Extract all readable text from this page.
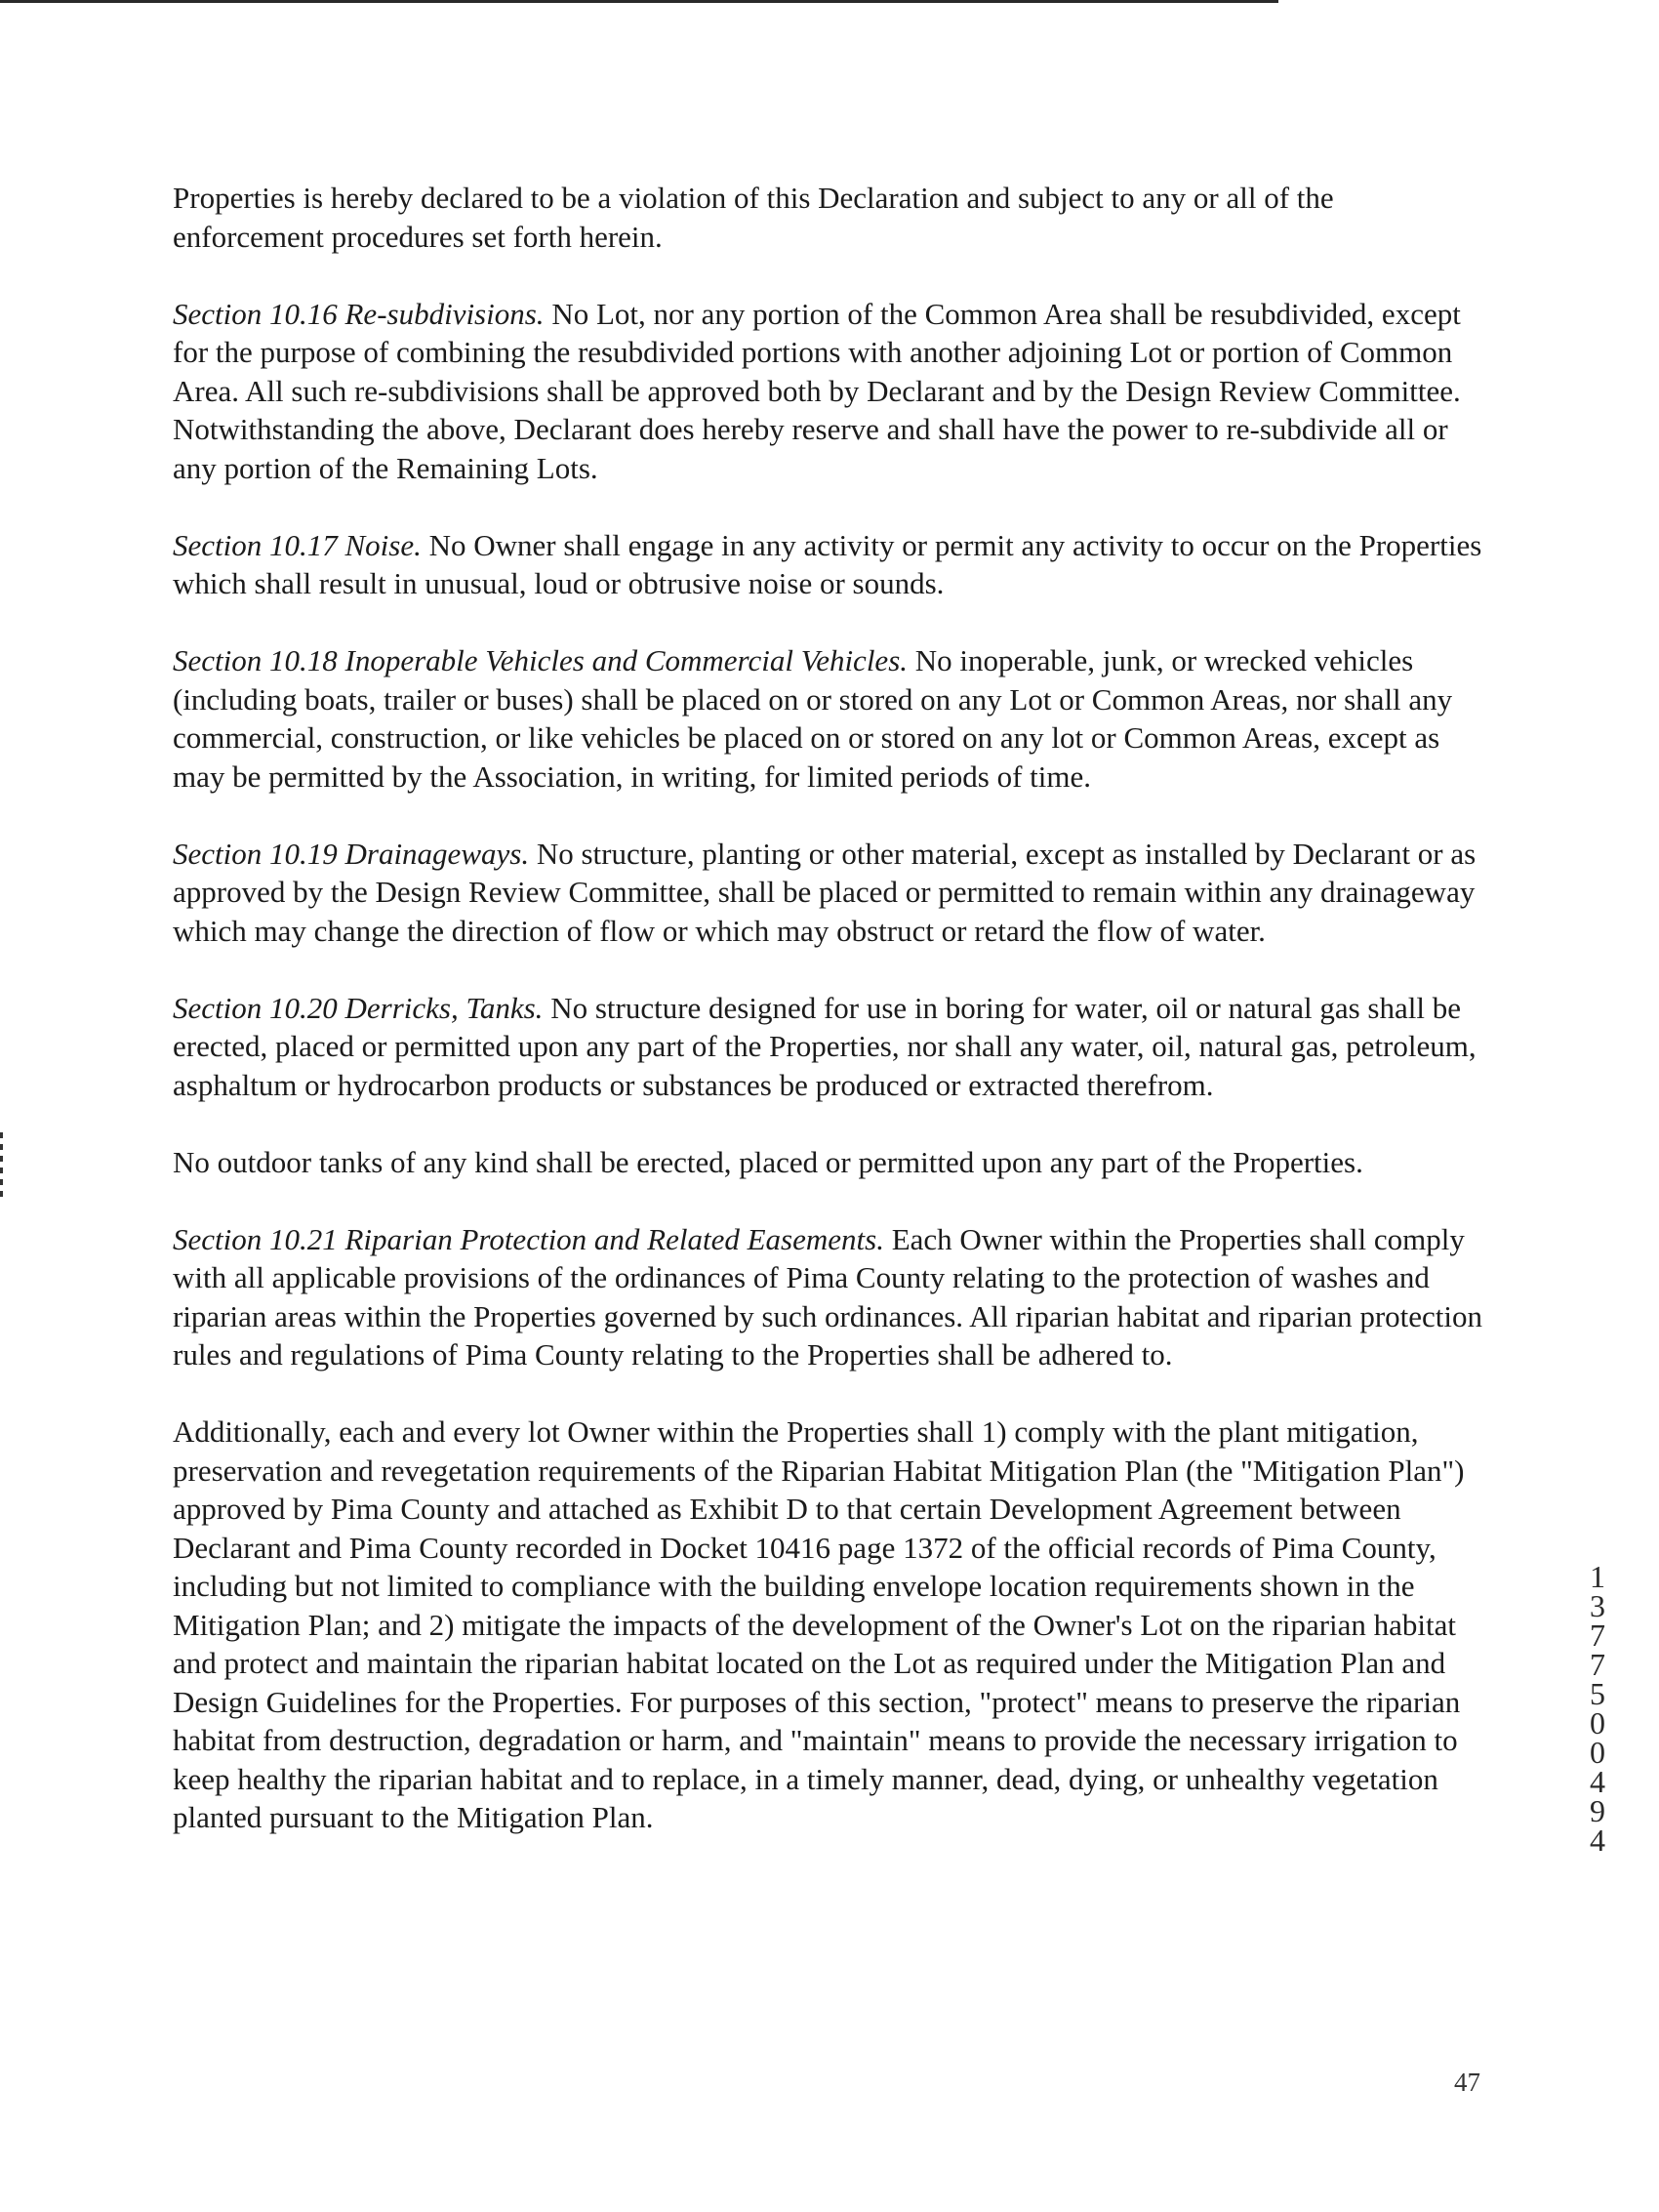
Properties is hereby declared to be a violation of this Declaration and subject to any or all of the enforcement procedures set forth herein.

Section 10.16 Re-subdivisions. No Lot, nor any portion of the Common Area shall be resubdivided, except for the purpose of combining the resubdivided portions with another adjoining Lot or portion of Common Area. All such re-subdivisions shall be approved both by Declarant and by the Design Review Committee. Notwithstanding the above, Declarant does hereby reserve and shall have the power to re-subdivide all or any portion of the Remaining Lots.

Section 10.17 Noise. No Owner shall engage in any activity or permit any activity to occur on the Properties which shall result in unusual, loud or obtrusive noise or sounds.

Section 10.18 Inoperable Vehicles and Commercial Vehicles. No inoperable, junk, or wrecked vehicles (including boats, trailer or buses) shall be placed on or stored on any Lot or Common Areas, nor shall any commercial, construction, or like vehicles be placed on or stored on any lot or Common Areas, except as may be permitted by the Association, in writing, for limited periods of time.

Section 10.19 Drainageways. No structure, planting or other material, except as installed by Declarant or as approved by the Design Review Committee, shall be placed or permitted to remain within any drainageway which may change the direction of flow or which may obstruct or retard the flow of water.

Section 10.20 Derricks, Tanks. No structure designed for use in boring for water, oil or natural gas shall be erected, placed or permitted upon any part of the Properties, nor shall any water, oil, natural gas, petroleum, asphaltum or hydrocarbon products or substances be produced or extracted therefrom.

No outdoor tanks of any kind shall be erected, placed or permitted upon any part of the Properties.

Section 10.21 Riparian Protection and Related Easements. Each Owner within the Properties shall comply with all applicable provisions of the ordinances of Pima County relating to the protection of washes and riparian areas within the Properties governed by such ordinances. All riparian habitat and riparian protection rules and regulations of Pima County relating to the Properties shall be adhered to.

Additionally, each and every lot Owner within the Properties shall 1) comply with the plant mitigation, preservation and revegetation requirements of the Riparian Habitat Mitigation Plan (the "Mitigation Plan") approved by Pima County and attached as Exhibit D to that certain Development Agreement between Declarant and Pima County recorded in Docket 10416 page 1372 of the official records of Pima County, including but not limited to compliance with the building envelope location requirements shown in the Mitigation Plan; and 2) mitigate the impacts of the development of the Owner's Lot on the riparian habitat and protect and maintain the riparian habitat located on the Lot as required under the Mitigation Plan and Design Guidelines for the Properties. For purposes of this section, "protect" means to preserve the riparian habitat from destruction, degradation or harm, and "maintain" means to provide the necessary irrigation to keep healthy the riparian habitat and to replace, in a timely manner, dead, dying, or unhealthy vegetation planted pursuant to the Mitigation Plan.

13775 00494
47
